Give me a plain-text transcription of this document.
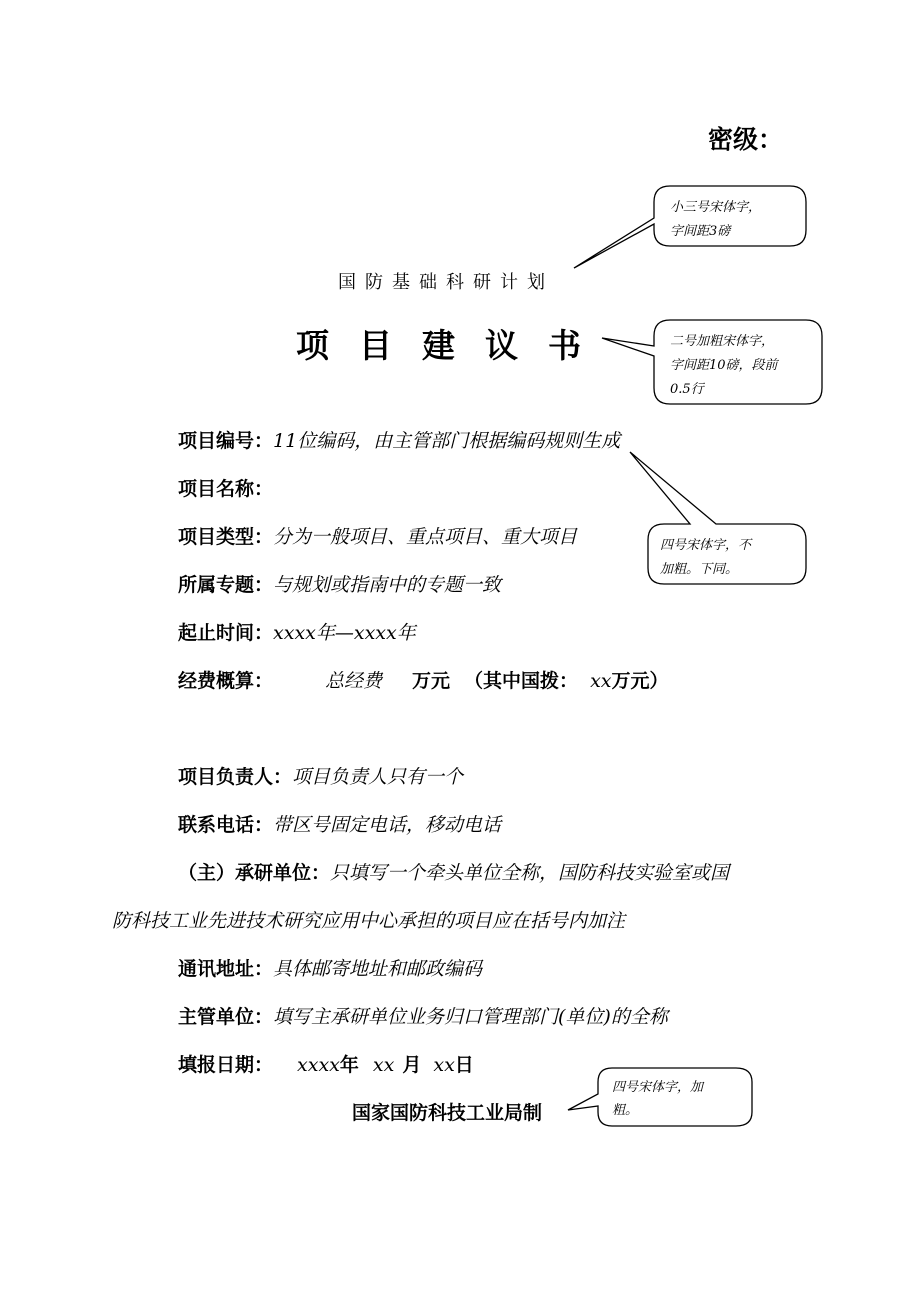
密级：
国防基础科研计划
项目建议书
项目编号：11位编码，由主管部门根据编码规则生成
项目名称：
项目类型：分为一般项目、重点项目、重大项目
所属专题：与规划或指南中的专题一致
起止时间：xxxx年—xxxx年
经费概算：	总经费 万元 （其中国拨： xx万元）
项目负责人：项目负责人只有一个
联系电话：带区号固定电话，移动电话
（主）承研单位：只填写一个牵头单位全称，国防科技实验室或国
防科技工业先进技术研究应用中心承担的项目应在括号内加注
通讯地址：具体邮寄地址和邮政编码
主管单位：填写主承研单位业务归口管理部门(单位)的全称
填报日期： xxxx年 xx 月 xx日
国家国防科技工业局制
小三号宋体字，
字间距3磅
二号加粗宋体字，
字间距10磅，段前
0.5行
四号宋体字，不
加粗。下同。
四号宋体字，加
粗。
